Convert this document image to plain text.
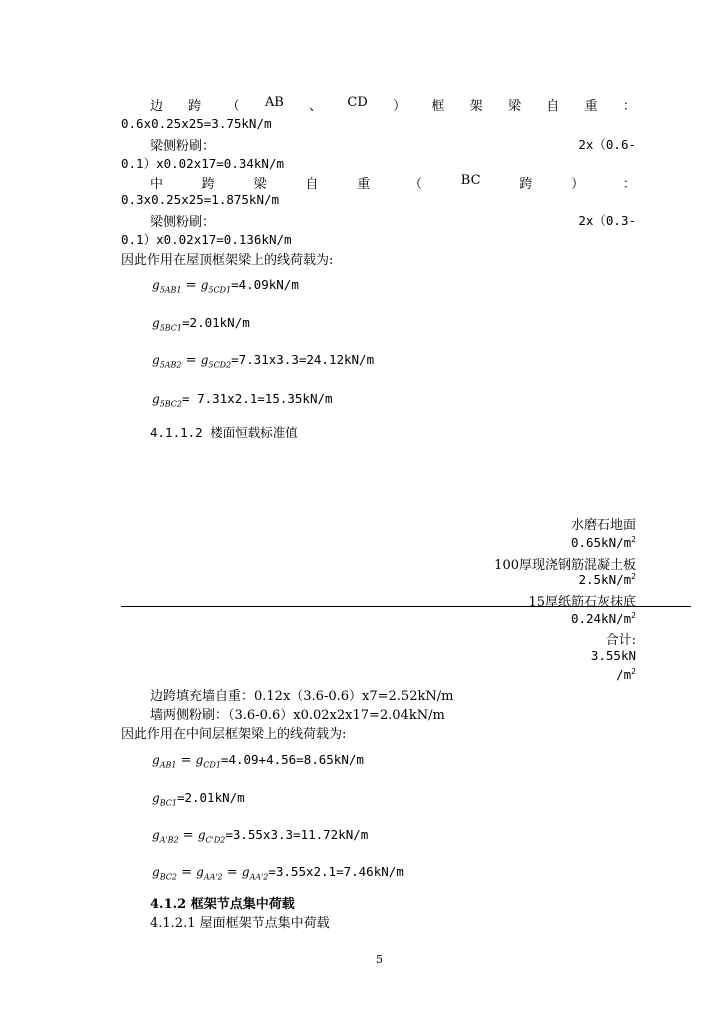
边 跨 （ AB 、 CD ） 框 架 梁 自 重 ：
0.6x0.25x25=3.75kN/m
梁侧粉刷：	2x（0.6-
0.1）x0.02x17=0.34kN/m
中	跨	梁	自	重	（	BC	跨	）	：
0.3x0.25x25=1.875kN/m
梁侧粉刷：	2x（0.3-
0.1）x0.02x17=0.136kN/m
因此作用在屋顶框架梁上的线荷载为:
$g_{5AB1} = g_{5CD1}=4.09kN/m$
$g_{5BC1}=2.01kN/m$
$g_{5AB2} = g_{5CD2}=7.31x3.3=24.12kN/m$
$g_{5BC2}= 7.31x2.1=15.35kN/m$
4.1.1.2 楼面恒载标准值
水磨石地面
$0.65kN/m^2$
100厚现浇钢筋混凝土板
$2.5kN/m^2$
15厚纸筋石灰抹底
$0.24kN/m^2$
合计:
3.55kN
$/m^2$
边跨填充墙自重：0.12x（3.6-0.6）x7=2.52kN/m
墙两侧粉刷：（3.6-0.6）x0.02x2x17=2.04kN/m
因此作用在中间层框架梁上的线荷载为:
$g_{AB1} = g_{CD1}=4.09+4.56=8.65kN/m$
$g_{BC1}=2.01kN/m$
$g_{A'B2} = g_{C'D2}=3.55x3.3=11.72kN/m$
$g_{BC2} = g_{AA'2} = g_{AA'2}=3.55x2.1=7.46kN/m$
4.1.2 框架节点集中荷载
4.1.2.1 屋面框架节点集中荷载
5
